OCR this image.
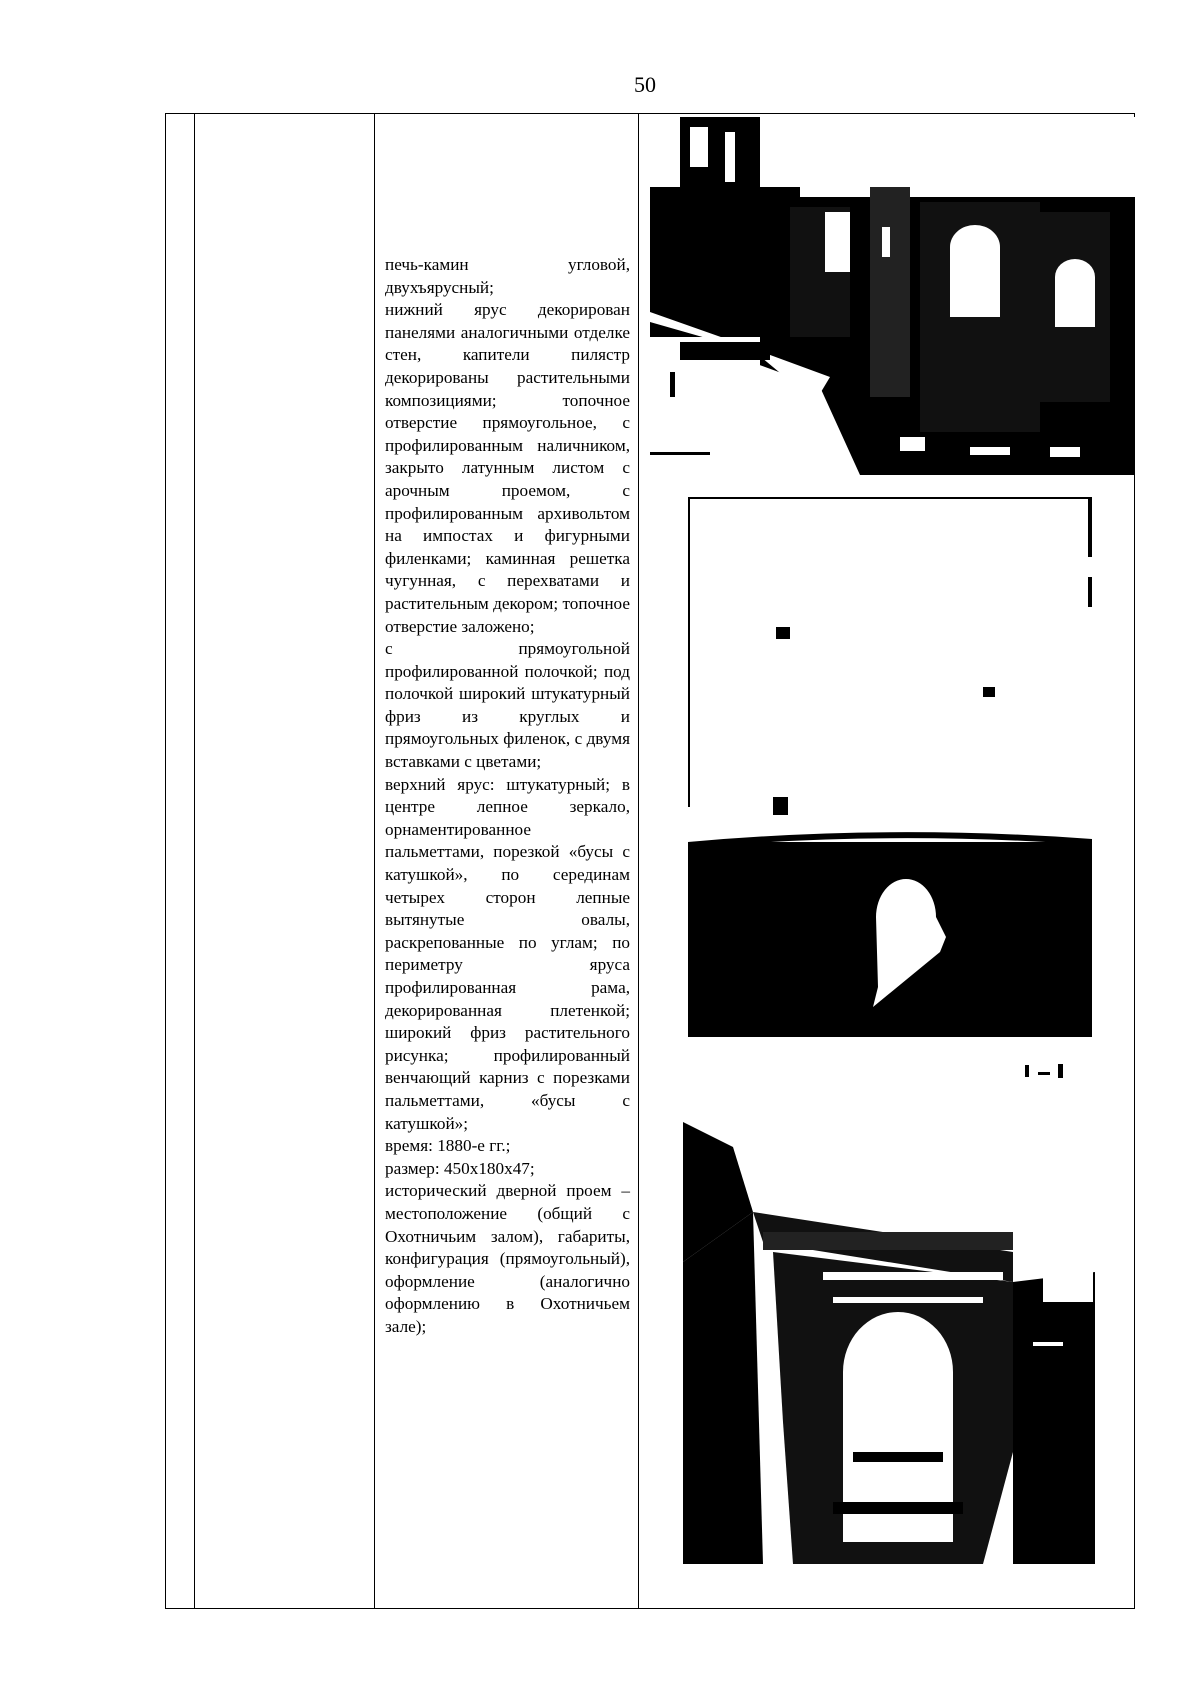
50

печь-камин угловой, двухъярусный;

нижний ярус декорирован панелями аналогичными отделке стен, капители пилястр декорированы растительными композициями; топочное отверстие прямоугольное, с профилированным наличником, закрыто латунным листом с арочным проемом, с профилированным архивольтом на импостах и фигурными филенками; каминная решетка чугунная, с перехватами и растительным декором; топочное отверстие заложено;

с прямоугольной профилированной полочкой; под полочкой широкий штукатурный фриз из круглых и прямоугольных филенок, с двумя вставками с цветами;

верхний ярус: штукатурный; в центре лепное зеркало, орнаментированное пальметтами, порезкой «бусы с катушкой», по серединам четырех сторон лепные вытянутые овалы, раскрепованные по углам; по периметру яруса профилированная рама, декорированная плетенкой; широкий фриз растительного рисунка; профилированный венчающий карниз с порезками пальметтами, «бусы с катушкой»;

время: 1880-е гг.;

размер: 450х180х47;

исторический дверной проем – местоположение (общий с Охотничьим залом), габариты, конфигурация (прямоугольный), оформление (аналогично оформлению в Охотничьем зале);
